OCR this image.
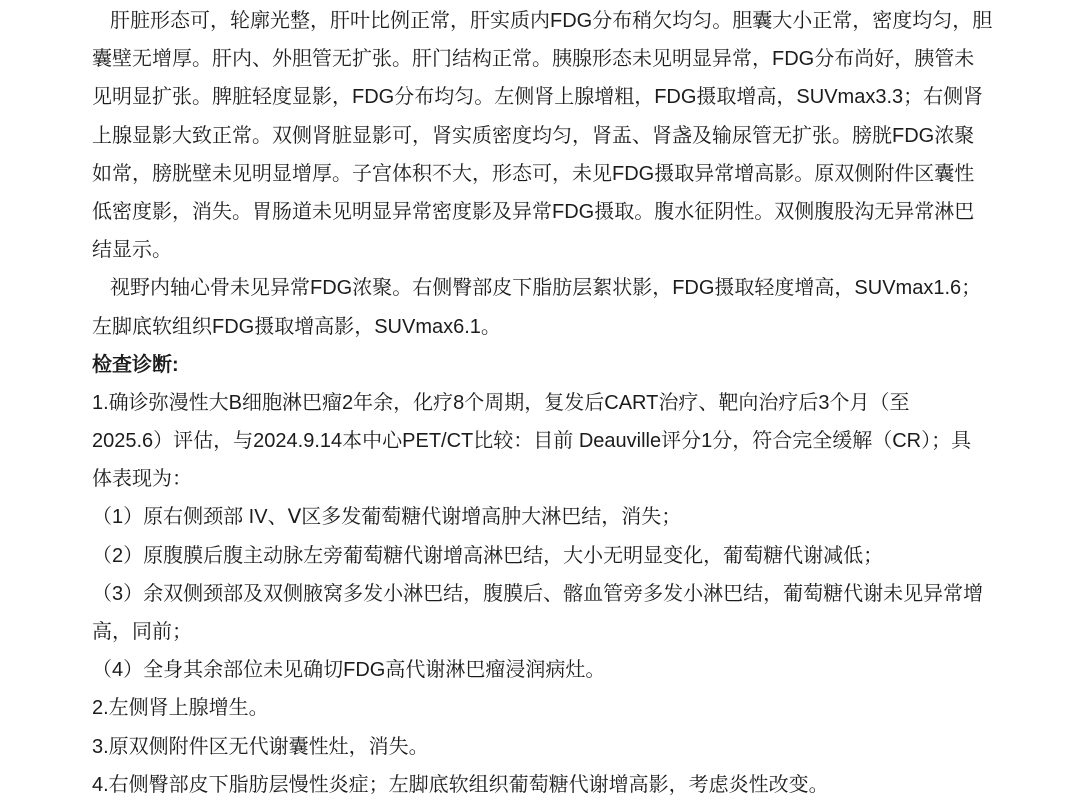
肝脏形态可，轮廓光整，肝叶比例正常，肝实质内FDG分布稍欠均匀。胆囊大小正常，密度均匀，胆
囊壁无增厚。肝内、外胆管无扩张。肝门结构正常。胰腺形态未见明显异常，FDG分布尚好，胰管未
见明显扩张。脾脏轻度显影，FDG分布均匀。左侧肾上腺增粗，FDG摄取增高，SUVmax3.3；右侧肾
上腺显影大致正常。双侧肾脏显影可，肾实质密度均匀，肾盂、肾盏及输尿管无扩张。膀胱FDG浓聚
如常，膀胱壁未见明显增厚。子宫体积不大，形态可，未见FDG摄取异常增高影。原双侧附件区囊性
低密度影，消失。胃肠道未见明显异常密度影及异常FDG摄取。腹水征阴性。双侧腹股沟无异常淋巴
结显示。
视野内轴心骨未见异常FDG浓聚。右侧臀部皮下脂肪层絮状影，FDG摄取轻度增高，SUVmax1.6；
左脚底软组织FDG摄取增高影，SUVmax6.1。
检查诊断:
1.确诊弥漫性大B细胞淋巴瘤2年余，化疗8个周期，复发后CART治疗、靶向治疗后3个月（至
2025.6）评估，与2024.9.14本中心PET/CT比较：目前 Deauville评分1分，符合完全缓解（CR）；具
体表现为：
（1）原右侧颈部 IV、Ⅴ区多发葡萄糖代谢增高肿大淋巴结，消失；
（2）原腹膜后腹主动脉左旁葡萄糖代谢增高淋巴结，大小无明显变化，葡萄糖代谢减低；
（3）余双侧颈部及双侧腋窝多发小淋巴结，腹膜后、髂血管旁多发小淋巴结，葡萄糖代谢未见异常增
高，同前；
（4）全身其余部位未见确切FDG高代谢淋巴瘤浸润病灶。
2.左侧肾上腺增生。
3.原双侧附件区无代谢囊性灶，消失。
4.右侧臀部皮下脂肪层慢性炎症；左脚底软组织葡萄糖代谢增高影，考虑炎性改变。
